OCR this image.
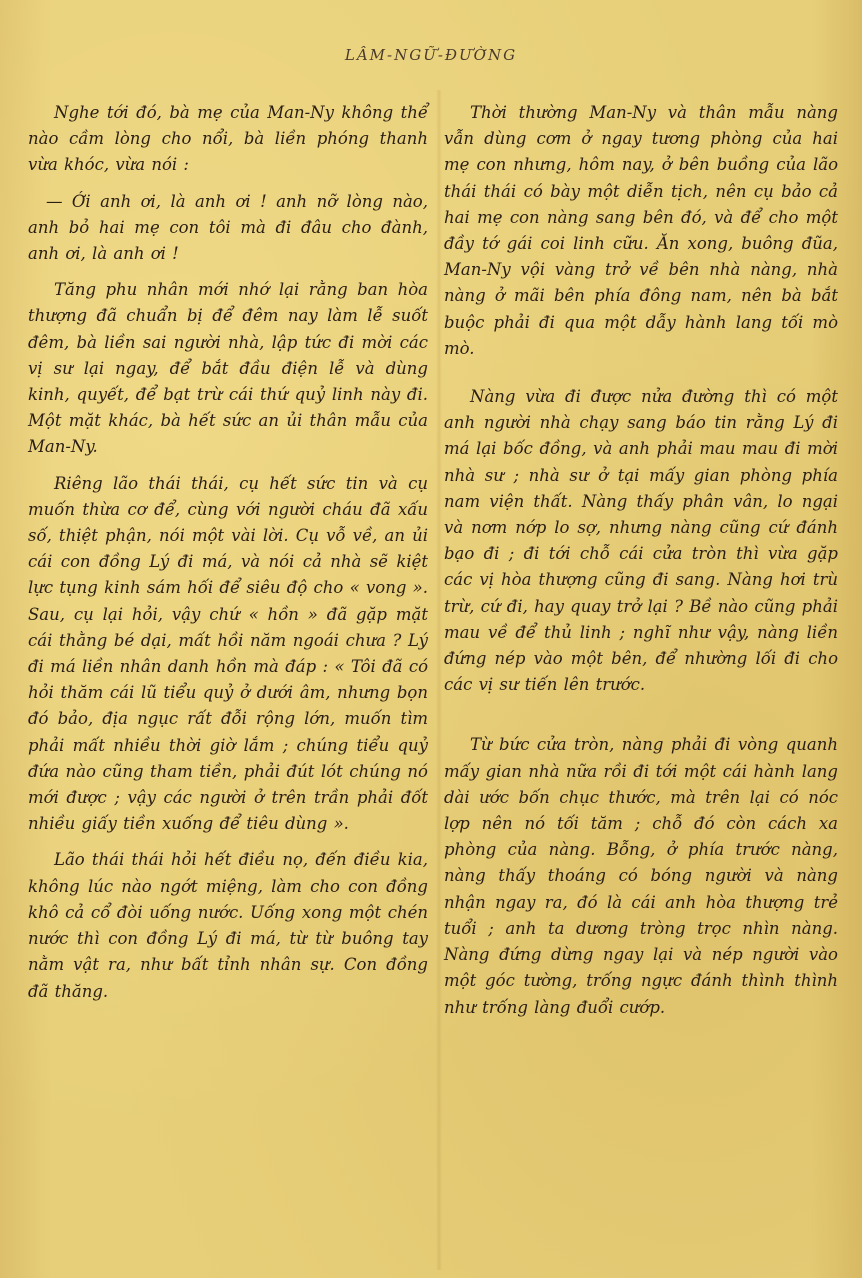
LÂM-NGỮ-ĐƯỜNG

Nghe tới đó, bà mẹ của Man-Ny không thể nào cầm lòng cho nổi, bà liền phóng thanh vừa khóc, vừa nói :

— Ới anh ơi, là anh ơi ! anh nỡ lòng nào, anh bỏ hai mẹ con tôi mà đi đâu cho đành, anh ơi, là anh ơi !

Tăng phu nhân mới nhớ lại rằng ban hòa thượng đã chuẩn bị để đêm nay làm lễ suốt đêm, bà liền sai người nhà, lập tức đi mời các vị sư lại ngay, để bắt đầu điện lễ và dùng kinh, quyết, để bạt trừ cái thứ quỷ linh này đi. Một mặt khác, bà hết sức an ủi thân mẫu của Man-Ny.

Riêng lão thái thái, cụ hết sức tin và cụ muốn thừa cơ để, cùng với người cháu đã xấu số, thiệt phận, nói một vài lời. Cụ vỗ về, an ủi cái con đồng Lý đi má, và nói cả nhà sẽ kiệt lực tụng kinh sám hối để siêu độ cho « vong ». Sau, cụ lại hỏi, vậy chứ « hồn » đã gặp mặt cái thằng bé dại, mất hồi năm ngoái chưa ? Lý đi má liền nhân danh hồn mà đáp : « Tôi đã có hỏi thăm cái lũ tiểu quỷ ở dưới âm, nhưng bọn đó bảo, địa ngục rất đỗi rộng lớn, muốn tìm phải mất nhiều thời giờ lắm ; chúng tiểu quỷ đứa nào cũng tham tiền, phải đút lót chúng nó mới được ; vậy các người ở trên trần phải đốt nhiều giấy tiền xuống để tiêu dùng ».

Lão thái thái hỏi hết điều nọ, đến điều kia, không lúc nào ngớt miệng, làm cho con đồng khô cả cổ đòi uống nước. Uống xong một chén nước thì con đồng Lý đi má, từ từ buông tay nằm vật ra, như bất tỉnh nhân sự. Con đồng đã thăng.

Thời thường Man-Ny và thân mẫu nàng vẫn dùng cơm ở ngay tương phòng của hai mẹ con nhưng, hôm nay, ở bên buồng của lão thái thái có bày một diễn tịch, nên cụ bảo cả hai mẹ con nàng sang bên đó, và để cho một đầy tớ gái coi linh cữu. Ăn xong, buông đũa, Man-Ny vội vàng trở về bên nhà nàng, nhà nàng ở mãi bên phía đông nam, nên bà bắt buộc phải đi qua một dẫy hành lang tối mò mò.

Nàng vừa đi được nửa đường thì có một anh người nhà chạy sang báo tin rằng Lý đi má lại bốc đồng, và anh phải mau mau đi mời nhà sư ; nhà sư ở tại mấy gian phòng phía nam viện thất. Nàng thấy phân vân, lo ngại và nơm nớp lo sợ, nhưng nàng cũng cứ đánh bạo đi ; đi tới chỗ cái cửa tròn thì vừa gặp các vị hòa thượng cũng đi sang. Nàng hơi trù trừ, cứ đi, hay quay trở lại ? Bề nào cũng phải mau về để thủ linh ; nghĩ như vậy, nàng liền đứng nép vào một bên, để nhường lối đi cho các vị sư tiến lên trước.

Từ bức cửa tròn, nàng phải đi vòng quanh mấy gian nhà nữa rồi đi tới một cái hành lang dài ước bốn chục thước, mà trên lại có nóc lợp nên nó tối tăm ; chỗ đó còn cách xa phòng của nàng. Bỗng, ở phía trước nàng, nàng thấy thoáng có bóng người và nàng nhận ngay ra, đó là cái anh hòa thượng trẻ tuổi ; anh ta dương tròng trọc nhìn nàng. Nàng đứng dừng ngay lại và nép người vào một góc tường, trống ngực đánh thình thình như trống làng đuổi cướp.
